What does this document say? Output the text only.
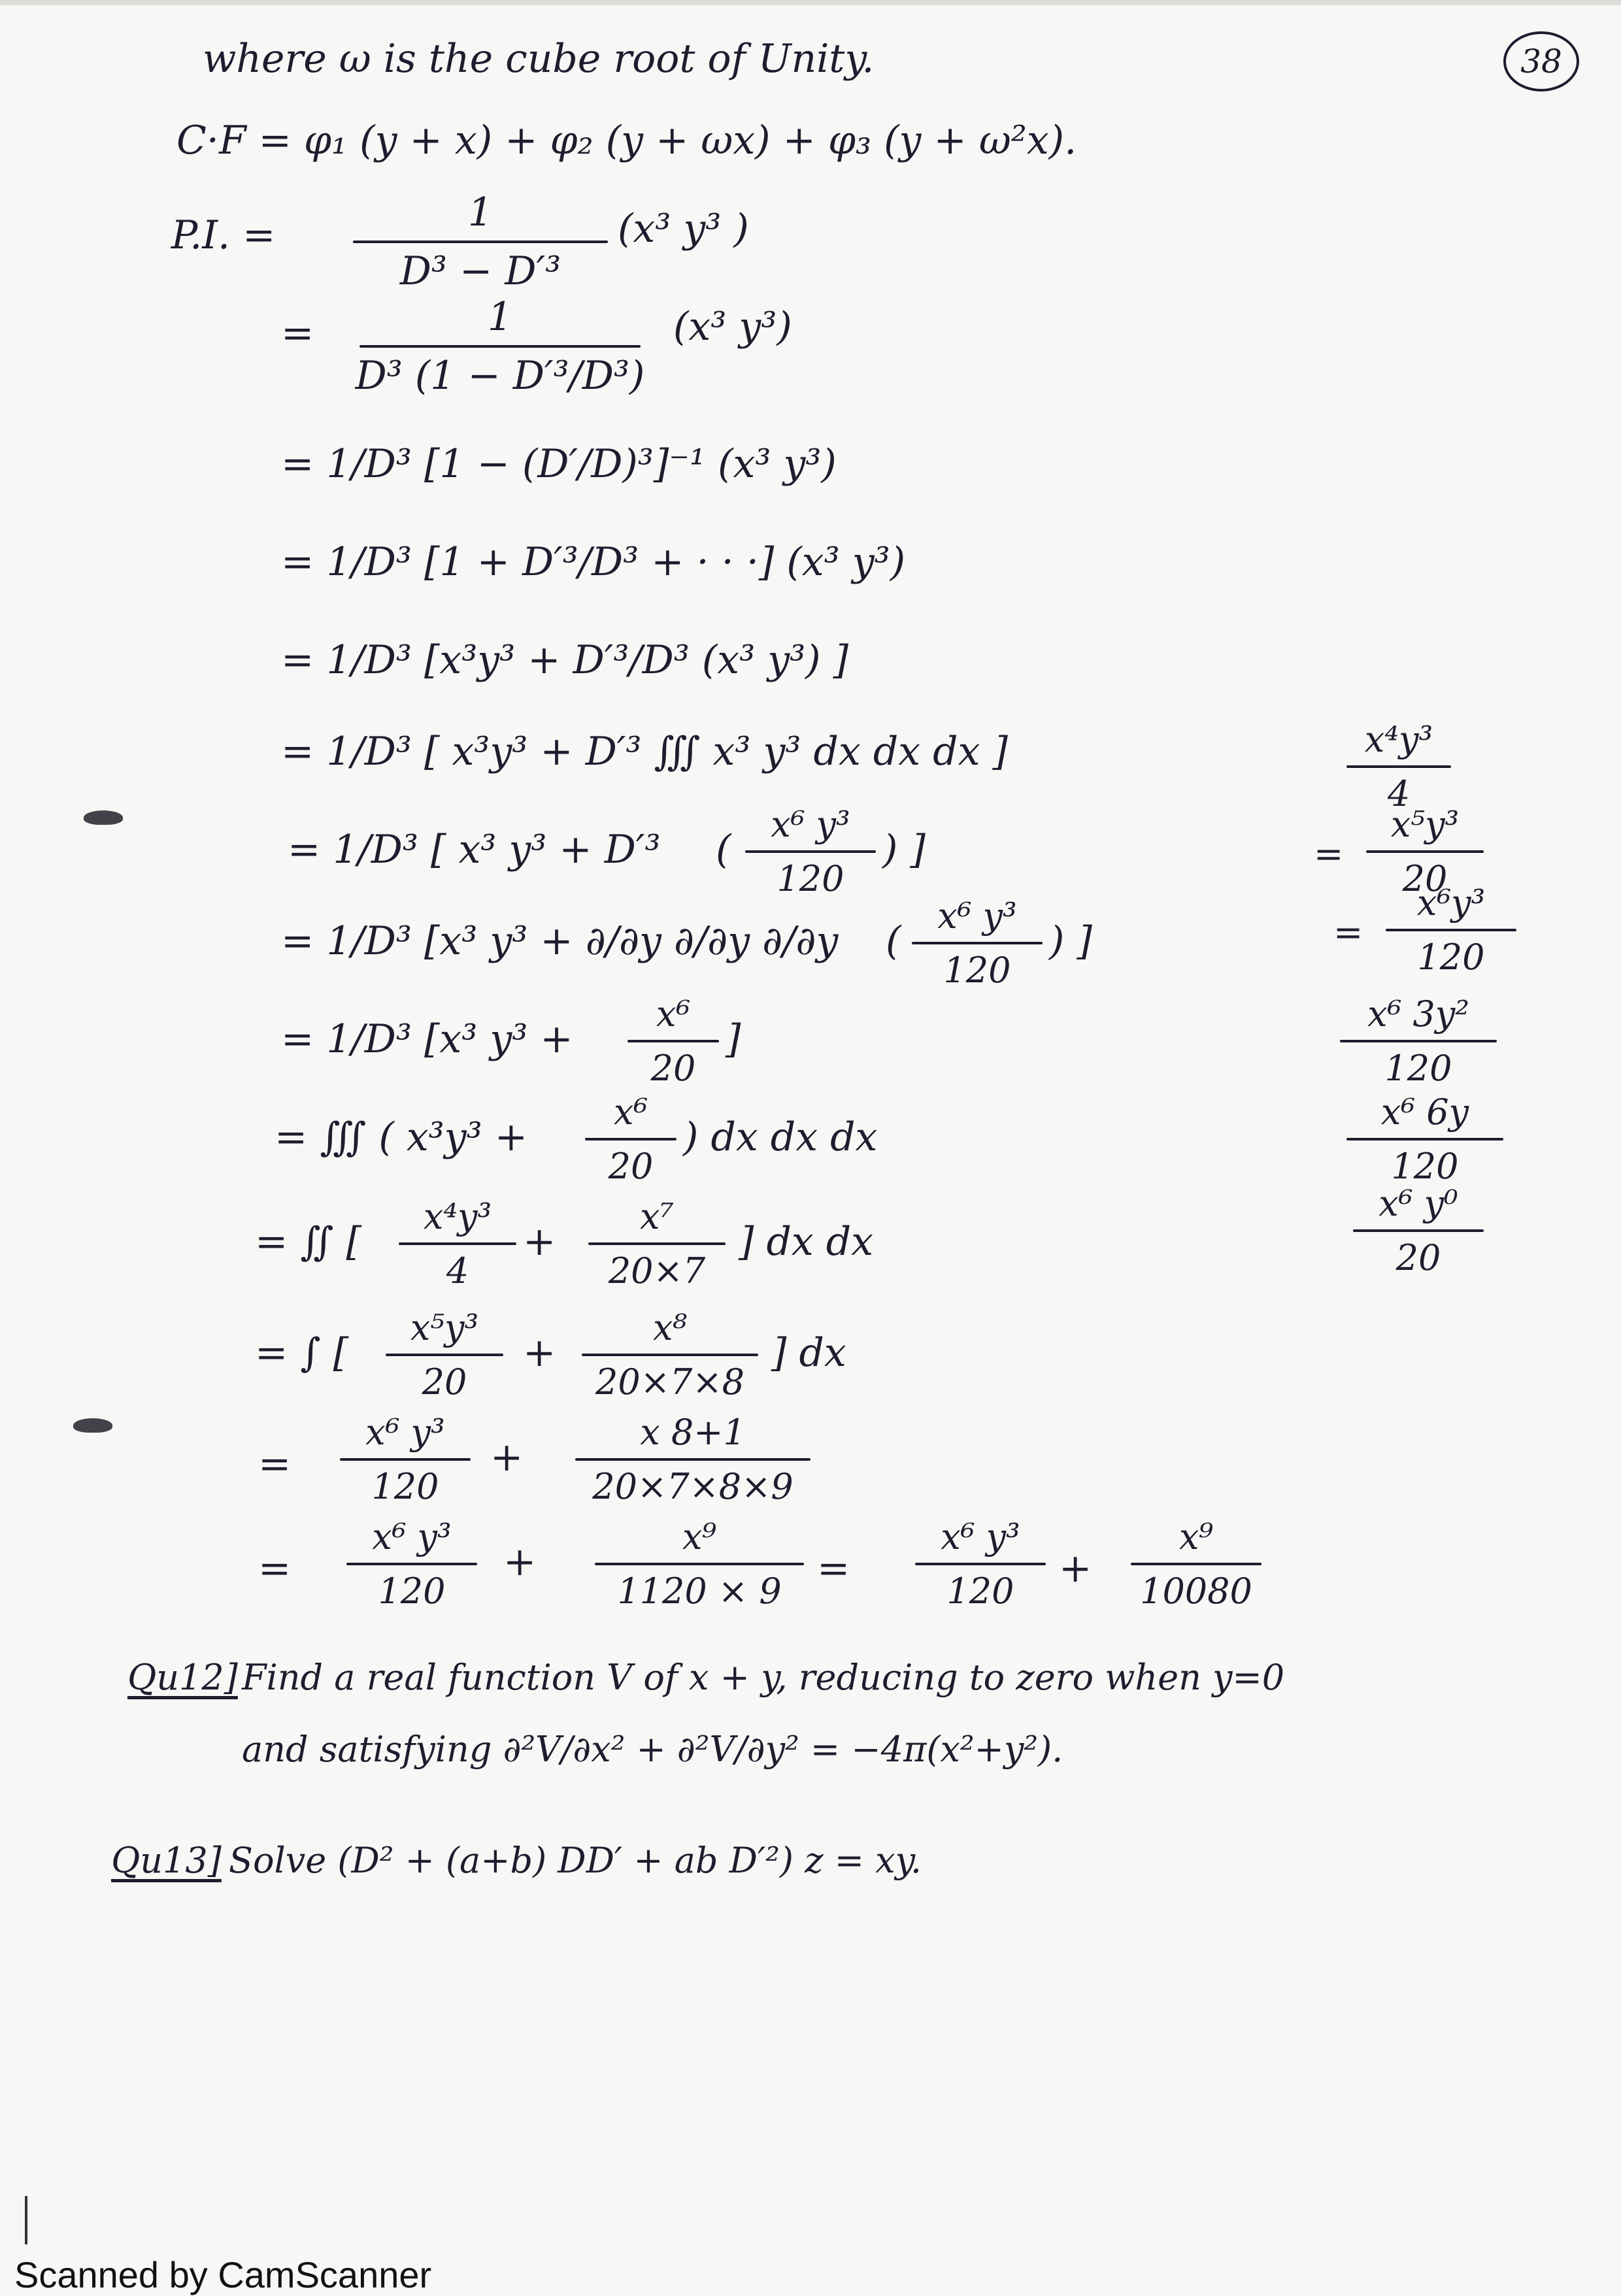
38
where ω is the cube root of Unity.
C·F = φ₁ (y + x) + φ₂ (y + ωx) + φ₃ (y + ω²x).
P.I. =	1
D³ − D′³
(x³ y³ )
=	1
D³ (1 − D′³/D³)
(x³ y³)
= 1/D³ [1 − (D′/D)³]⁻¹ (x³ y³)
= 1/D³ [1 + D′³/D³ + · · ·] (x³ y³)
= 1/D³ [x³y³ + D′³/D³ (x³ y³) ]
= 1/D³ [ x³y³ + D′³ ∭ x³ y³ dx dx dx ]
= 1/D³ [ x³ y³ + D′³ (
x⁶ y³
120
) ]
= 1/D³ [x³ y³ + ∂/∂y ∂/∂y ∂/∂y (
x⁶ y³
120
) ]
= 1/D³ [x³ y³ +
x⁶
20
]
= ∭ ( x³y³ +
x⁶
20
) dx dx dx
= ∬ [
x⁴y³
4
+
x⁷
20×7
] dx dx
= ∫ [
x⁵y³
20
+
x⁸
20×7×8
] dx
=
x⁶ y³
120
+
x 8+1
20×7×8×9
=
x⁶ y³
120
+
x⁹
1120 × 9 =
x⁶ y³
120 +
x⁹
10080
x⁴y³
4
=
x⁵y³
20
=
x⁶y³
120
x⁶ 3y²
120
x⁶ 6y
120
x⁶ y⁰
20
Qu12] Find a real function V of x + y, reducing to zero when y=0
and satisfying ∂²V/∂x² + ∂²V/∂y² = −4π(x²+y²).
Qu13] Solve (D² + (a+b) DD′ + ab D′²) z = xy.
Scanned by CamScanner
